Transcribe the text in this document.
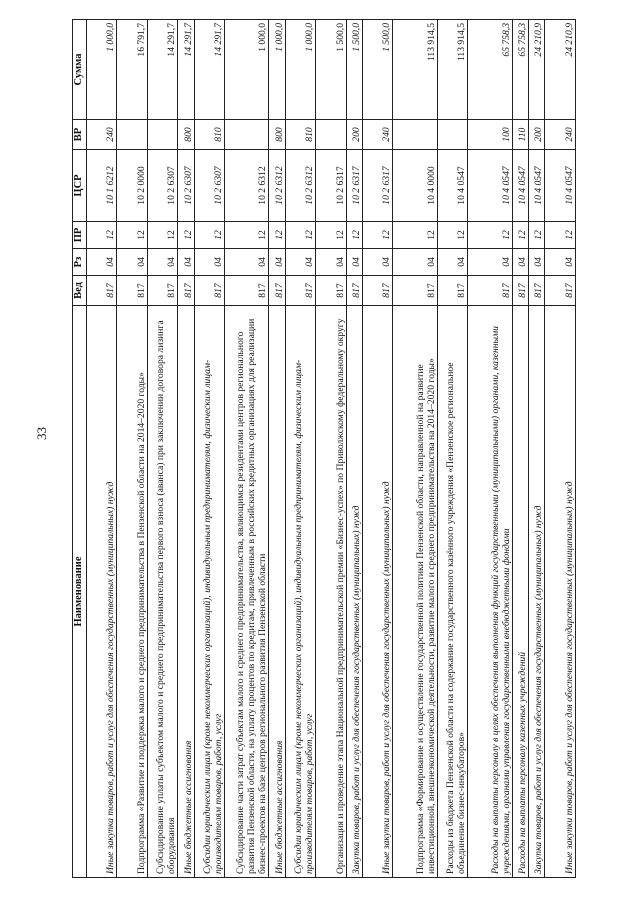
33
Наименование	Вед	Рз	ПР	ЦСР	ВР	Сумма
Иные закупка товаров, работ и услуг для обеспечения государственных (муниципальных) нужд	817	04	12	10 1 6212	240	1 000,0
Подпрограмма «Развитие и поддержка малого и среднего предпринимательства в Пензенской области на 2014–2020 годы»	817	04	12	10 2 0000		16 791,7
Субсидирование уплаты субъектом малого и среднего предпринимательства первого взноса (аванса) при заключении договора лизинга оборудования	817	04	12	10 2 6307		14 291,7
Иные бюджетные ассигнования	817	04	12	10 2 6307	800	14 291,7
Субсидии юридическим лицам (кроме некоммерческих организаций), индивидуальным предпринимателям, физическим лицам-производителям товаров, работ, услуг	817	04	12	10 2 6307	810	14 291,7
Субсидирование части затрат субъектам малого и среднего предпринимательства, являющимся резидентами центров регионального развития Пензенской области, на уплату процентов по кредитам, привлеченным в российских кредитных организациях для реализации бизнес-проектов на базе центров регионального развития Пензенской области	817	04	12	10 2 6312		1 000,0
Иные бюджетные ассигнования	817	04	12	10 2 6312	800	1 000,0
Субсидии юридическим лицам (кроме некоммерческих организаций), индивидуальным предпринимателям, физическим лицам-производителям товаров, работ, услуг	817	04	12	10 2 6312	810	1 000,0
Организация и проведение этапа Национальной предпринимательской премии «Бизнес-успех» по Приволжскому федеральному округу	817	04	12	10 2 6317		1 500,0
Закупка товаров, работ и услуг для обеспечения государственных (муниципальных) нужд	817	04	12	10 2 6317	200	1 500,0
Иные закупки товаров, работ и услуг для обеспечения государственных (муниципальных) нужд	817	04	12	10 2 6317	240	1 500,0
Подпрограмма «Формирование и осуществление государственной политики Пензенской области, направленной на развитие инвестиционной, внешнеэкономической деятельности, развитие малого и среднего предпринимательства на 2014–2020 годы»	817	04	12	10 4 0000		113 914,5
Расходы из бюджета Пензенской области на содержание государственного казённого учреждения «Пензенское региональное объединение бизнес-инкубаторов»	817	04	12	10 4 0547		113 914,5
Расходы на выплаты персоналу в целях обеспечения выполнения функций государственными (муниципальными) органами, казенными учреждениями, органами управления государственными внебюджетными фондами	817	04	12	10 4 0547	100	65 758,3
Расходы на выплаты персоналу казенных учреждений	817	04	12	10 4 0547	110	65 758,3
Закупка товаров, работ и услуг для обеспечения государственных (муниципальных) нужд	817	04	12	10 4 0547	200	24 210,9
Иные закупки товаров, работ и услуг для обеспечения государственных (муниципальных) нужд	817	04	12	10 4 0547	240	24 210,9
